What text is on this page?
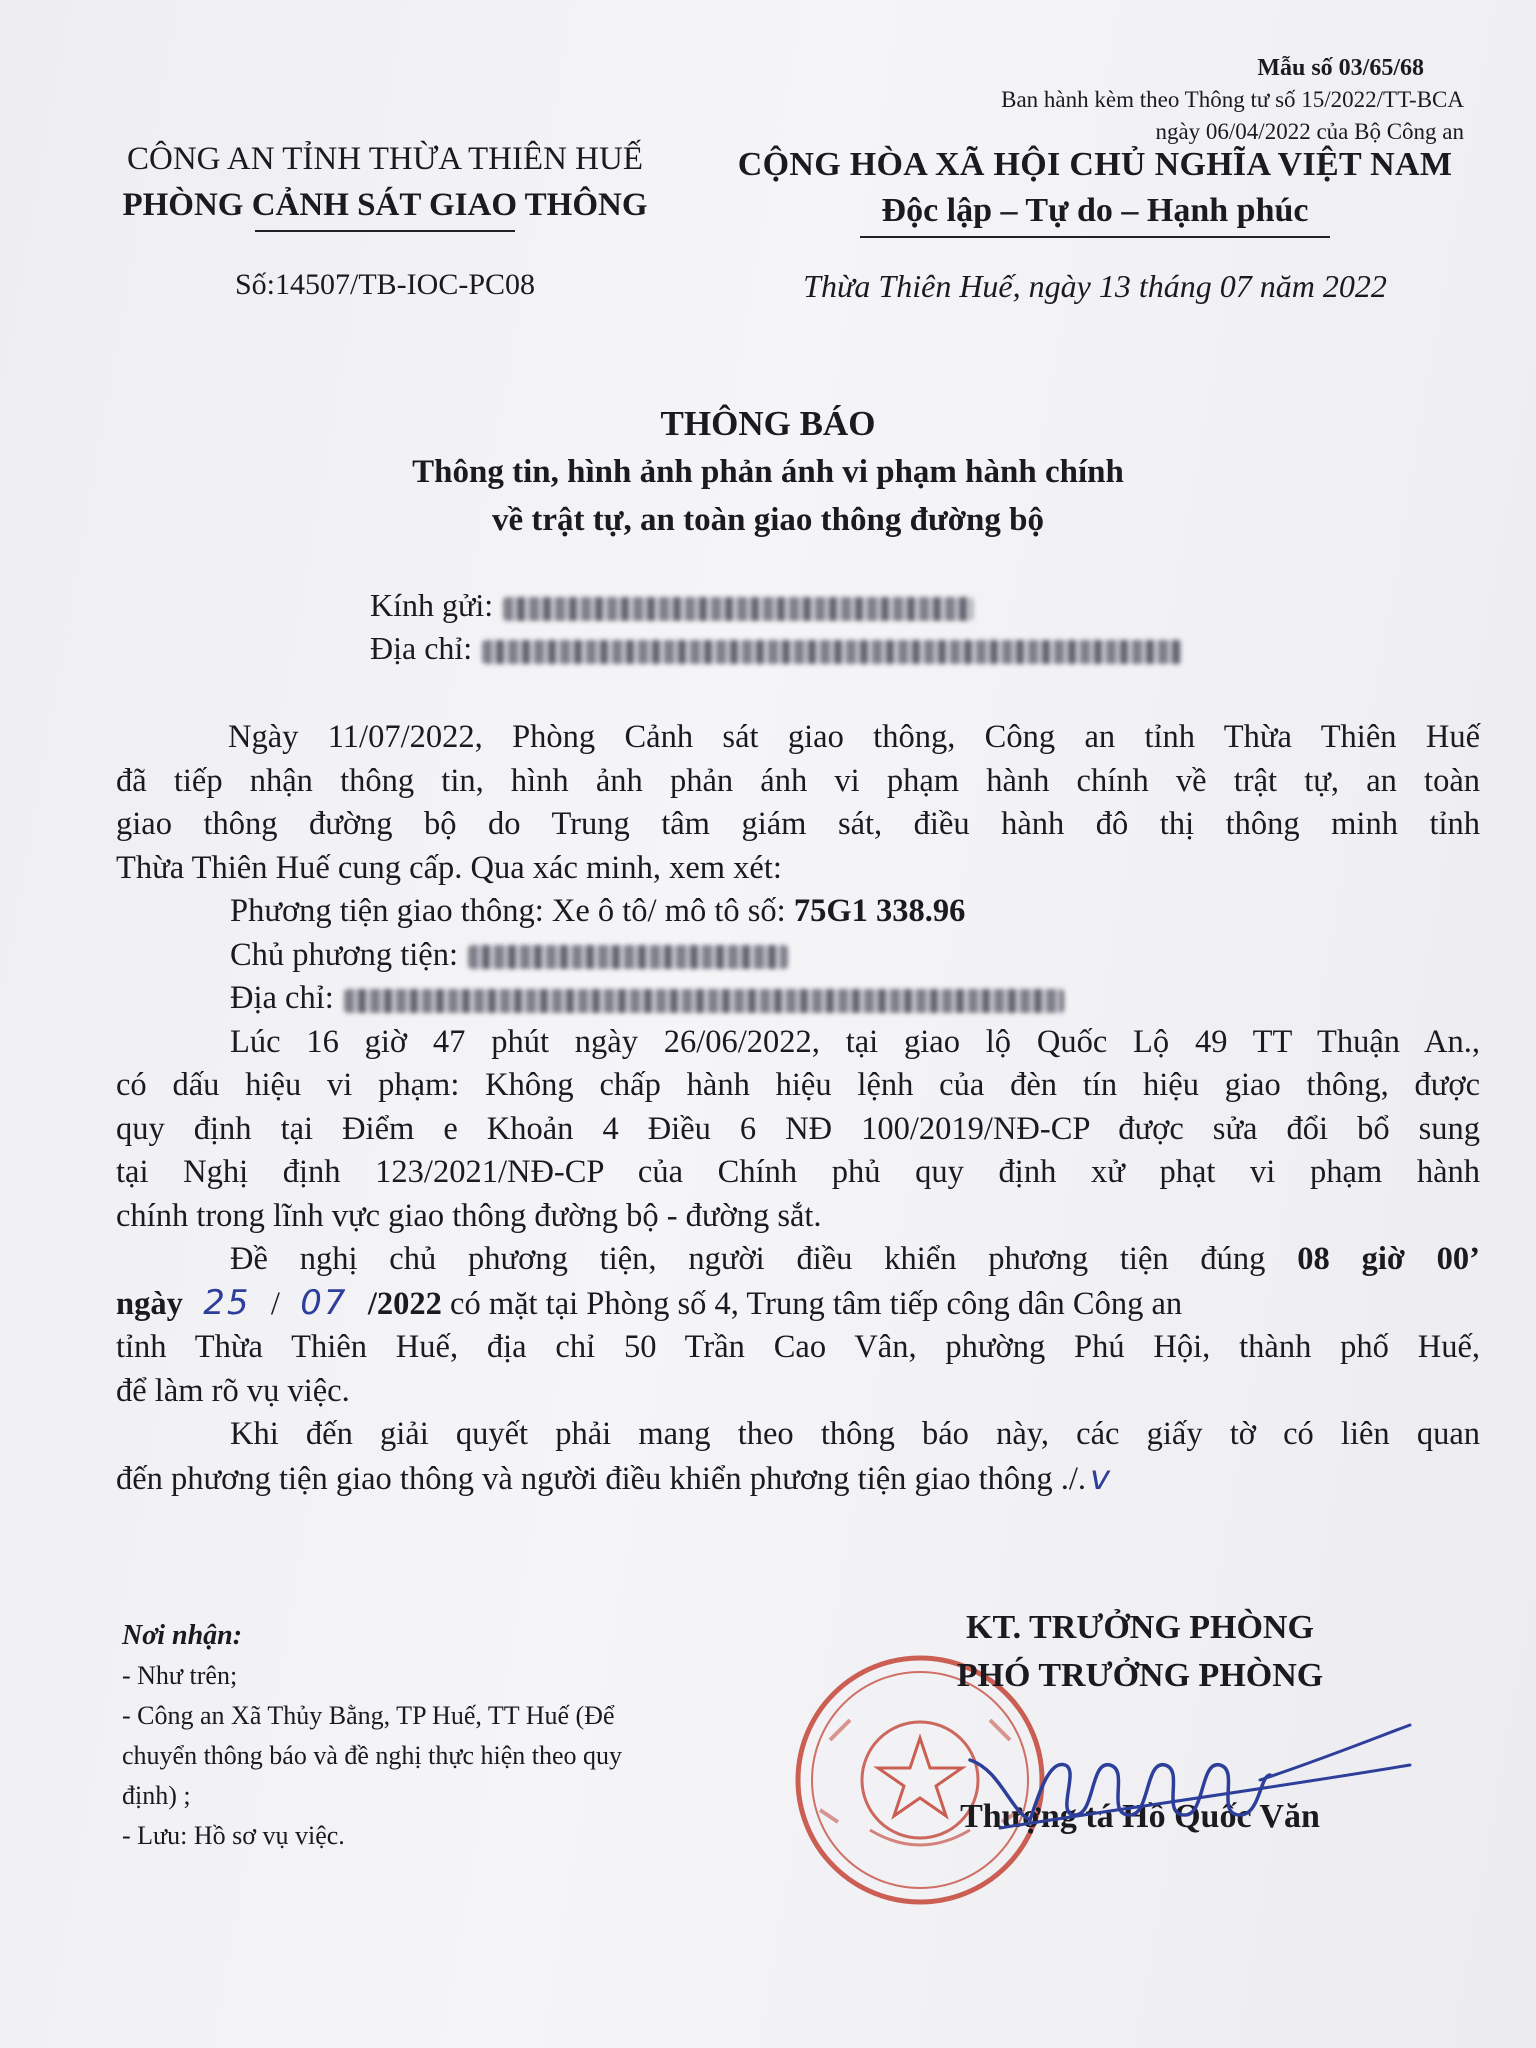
Mẫu số 03/65/68
Ban hành kèm theo Thông tư số 15/2022/TT-BCA
ngày 06/04/2022 của Bộ Công an
CÔNG AN TỈNH THỪA THIÊN HUẾ
PHÒNG CẢNH SÁT GIAO THÔNG
Số:14507/TB-IOC-PC08
CỘNG HÒA XÃ HỘI CHỦ NGHĨA VIỆT NAM
Độc lập – Tự do – Hạnh phúc
Thừa Thiên Huế, ngày 13 tháng 07 năm 2022
THÔNG BÁO
Thông tin, hình ảnh phản ánh vi phạm hành chính
về trật tự, an toàn giao thông đường bộ
Kính gửi:
Địa chỉ:

Ngày 11/07/2022, Phòng Cảnh sát giao thông, Công an tỉnh Thừa Thiên Huế

đã tiếp nhận thông tin, hình ảnh phản ánh vi phạm hành chính về trật tự, an toàn

giao thông đường bộ do Trung tâm giám sát, điều hành đô thị thông minh tỉnh

Thừa Thiên Huế cung cấp. Qua xác minh, xem xét:

Phương tiện giao thông: Xe ô tô/ mô tô số: 75G1 338.96

Chủ phương tiện:

Địa chỉ:

Lúc 16 giờ 47 phút ngày 26/06/2022, tại giao lộ Quốc Lộ 49 TT Thuận An.,

có dấu hiệu vi phạm: Không chấp hành hiệu lệnh của đèn tín hiệu giao thông, được

quy định tại Điểm e Khoản 4 Điều 6 NĐ 100/2019/NĐ-CP được sửa đổi bổ sung

tại Nghị định 123/2021/NĐ-CP của Chính phủ quy định xử phạt vi phạm hành

chính trong lĩnh vực giao thông đường bộ - đường sắt.

Đề nghị chủ phương tiện, người điều khiển phương tiện đúng 08 giờ 00’

ngày 25 / 07 /2022 có mặt tại Phòng số 4, Trung tâm tiếp công dân Công an

tỉnh Thừa Thiên Huế, địa chỉ 50 Trần Cao Vân, phường Phú Hội, thành phố Huế,

để làm rõ vụ việc.

Khi đến giải quyết phải mang theo thông báo này, các giấy tờ có liên quan

đến phương tiện giao thông và người điều khiển phương tiện giao thông ./. v

Nơi nhận:
- Như trên;
- Công an Xã Thủy Bằng, TP Huế, TT Huế (Để
chuyển thông báo và đề nghị thực hiện theo quy
định) ;
- Lưu: Hồ sơ vụ việc.
KT. TRƯỞNG PHÒNG
PHÓ TRƯỞNG PHÒNG
Thượng tá Hồ Quốc Văn
